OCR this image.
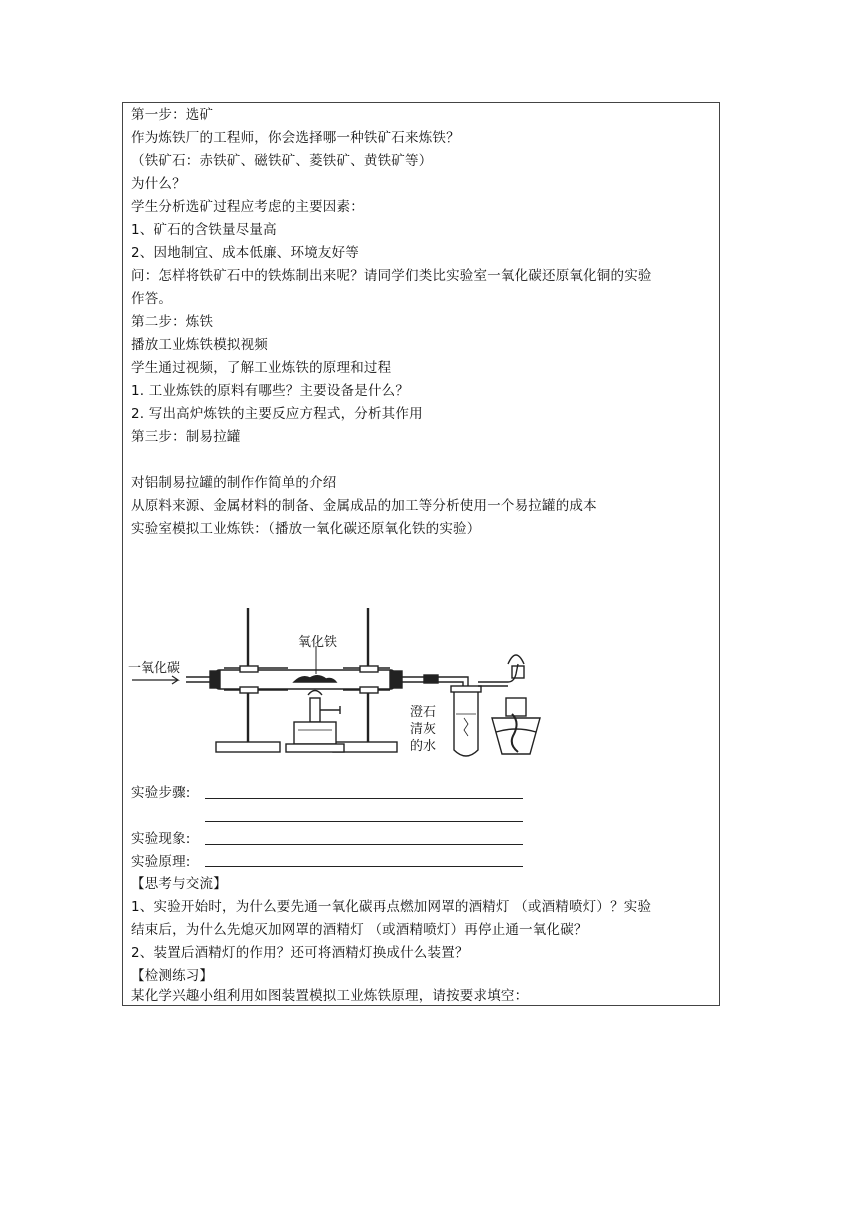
第一步：选矿
作为炼铁厂的工程师，你会选择哪一种铁矿石来炼铁？
（铁矿石：赤铁矿、磁铁矿、菱铁矿、黄铁矿等）
为什么？
学生分析选矿过程应考虑的主要因素：
1、矿石的含铁量尽量高
2、因地制宜、成本低廉、环境友好等
问：怎样将铁矿石中的铁炼制出来呢？请同学们类比实验室一氧化碳还原氧化铜的实验
作答。
第二步：炼铁
播放工业炼铁模拟视频
学生通过视频，了解工业炼铁的原理和过程
1. 工业炼铁的原料有哪些？主要设备是什么？
2. 写出高炉炼铁的主要反应方程式，分析其作用
第三步：制易拉罐
对铝制易拉罐的制作作简单的介绍
从原料来源、金属材料的制备、金属成品的加工等分析使用一个易拉罐的成本
实验室模拟工业炼铁：（播放一氧化碳还原氧化铁的实验）
氧化铁
一氧化碳
澄石
清灰
的水
实验步骤:
实验现象:
实验原理:
【思考与交流】
1、实验开始时，为什么要先通一氧化碳再点燃加网罩的酒精灯 （或酒精喷灯）？实验
结束后，为什么先熄灭加网罩的酒精灯 （或酒精喷灯）再停止通一氧化碳？
2、装置后酒精灯的作用？还可将酒精灯换成什么装置？
【检测练习】
某化学兴趣小组利用如图装置模拟工业炼铁原理，请按要求填空：
